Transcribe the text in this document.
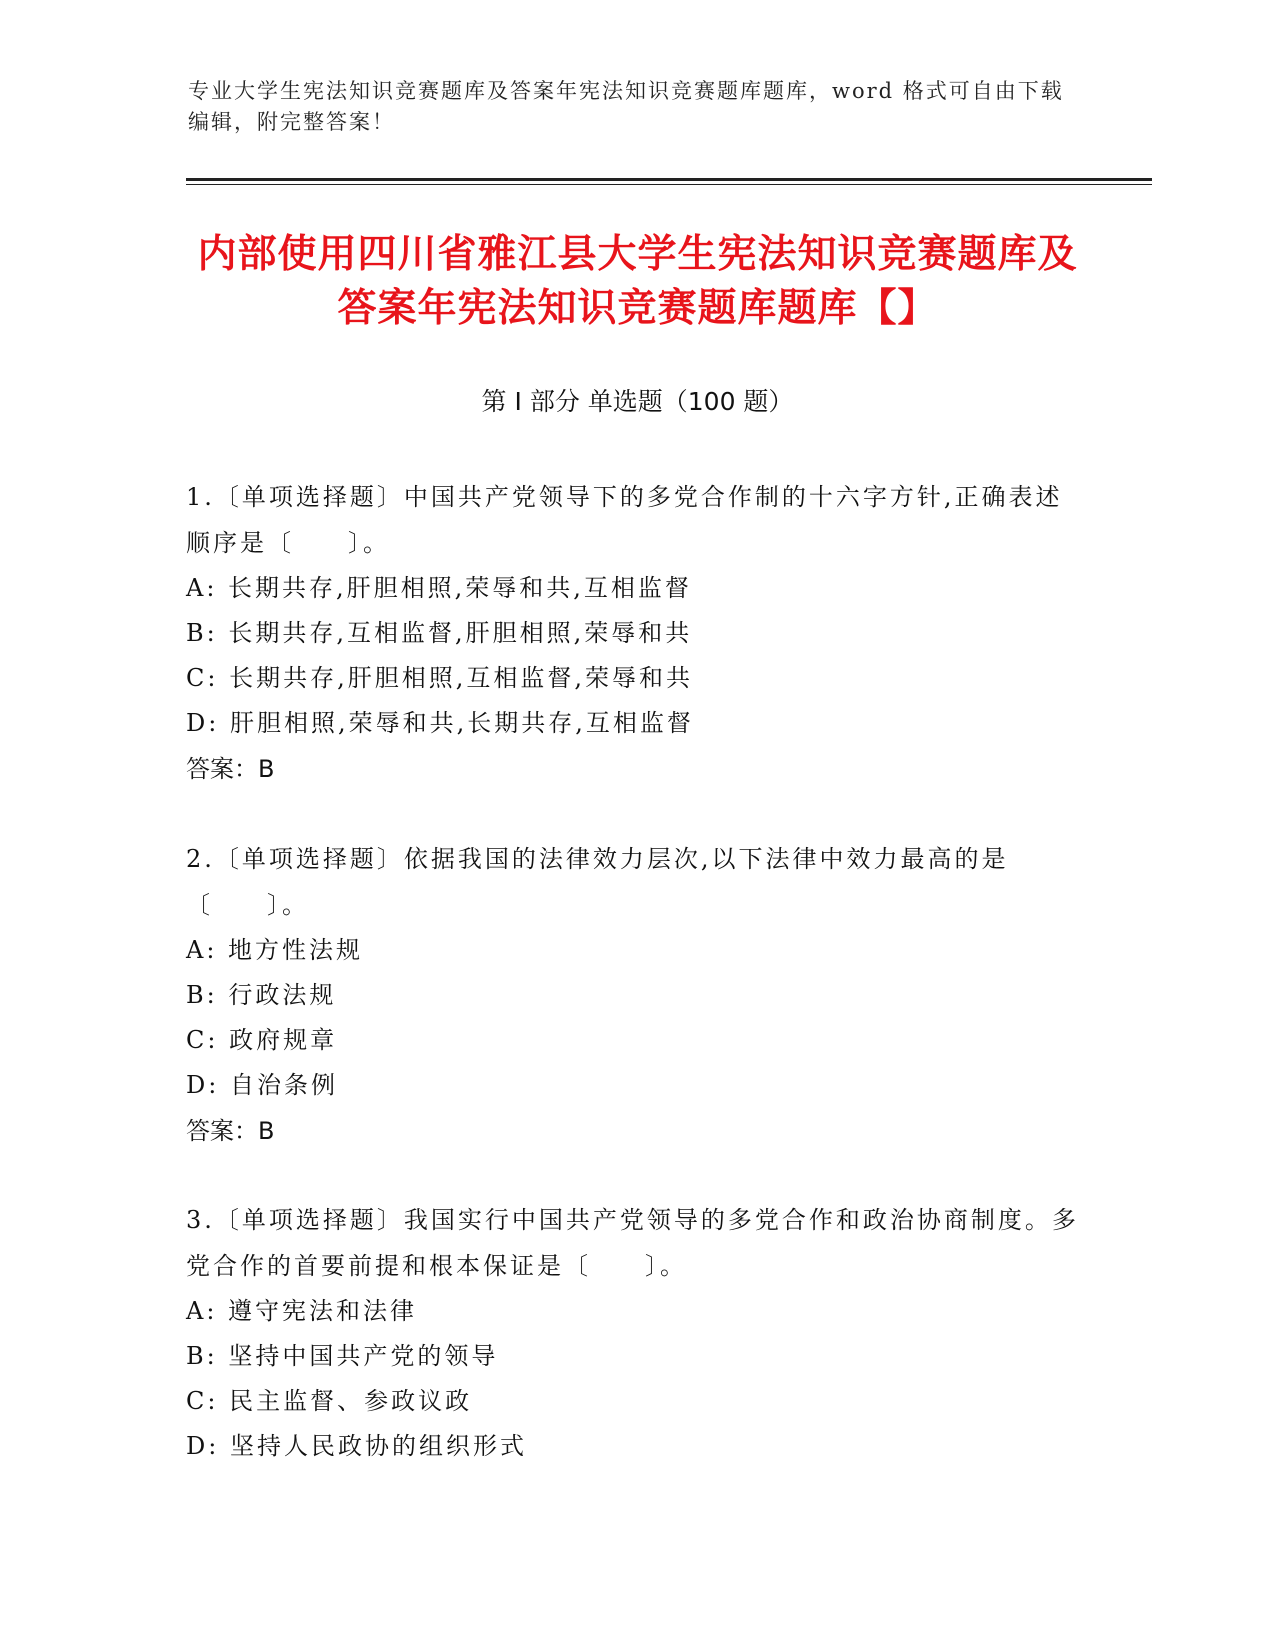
专业大学生宪法知识竞赛题库及答案年宪法知识竞赛题库题库，word 格式可自由下载编辑，附完整答案！
内部使用四川省雅江县大学生宪法知识竞赛题库及答案年宪法知识竞赛题库题库【】
第 I 部分 单选题（100 题）

1.〔单项选择题〕中国共产党领导下的多党合作制的十六字方针,正确表述顺序是〔　　〕。

A: 长期共存,肝胆相照,荣辱和共,互相监督

B: 长期共存,互相监督,肝胆相照,荣辱和共

C: 长期共存,肝胆相照,互相监督,荣辱和共

D: 肝胆相照,荣辱和共,长期共存,互相监督

答案：B

2.〔单项选择题〕依据我国的法律效力层次,以下法律中效力最高的是〔　　〕。

A: 地方性法规

B: 行政法规

C: 政府规章

D: 自治条例

答案：B

3.〔单项选择题〕我国实行中国共产党领导的多党合作和政治协商制度。多党合作的首要前提和根本保证是〔　　〕。

A: 遵守宪法和法律

B: 坚持中国共产党的领导

C: 民主监督、参政议政

D: 坚持人民政协的组织形式
